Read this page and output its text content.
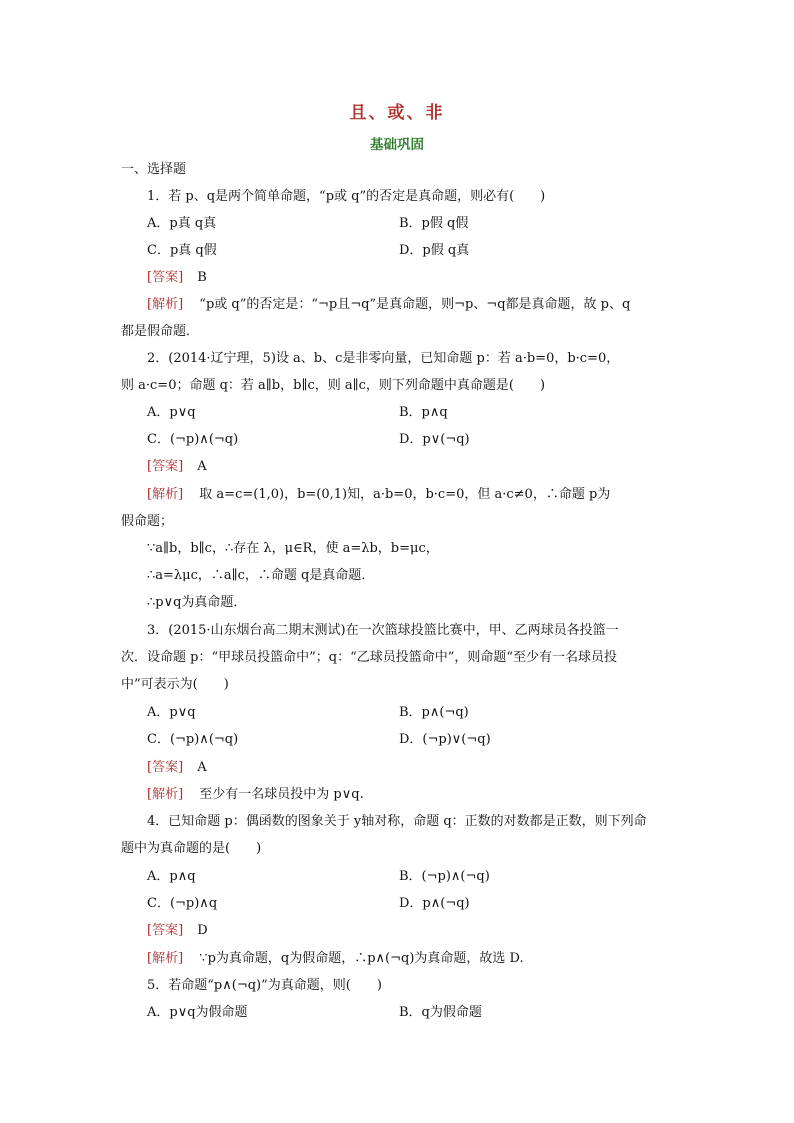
且、或、非
基础巩固
一、选择题
1．若 p、q是两个简单命题，“p或 q”的否定是真命题，则必有(　　)
A．p真 q真	B．p假 q假
C．p真 q假	D．p假 q真
[答案] B
[解析] “p或 q”的否定是：“¬p且¬q”是真命题，则¬p、¬q都是真命题，故 p、q
都是假命题．
2．(2014·辽宁理，5)设 a、b、c是非零向量，已知命题 p：若 a·b=0，b·c=0，
则 a·c=0；命题 q：若 a∥b，b∥c，则 a∥c，则下列命题中真命题是(　　)
A．p∨q	B．p∧q
C．(¬p)∧(¬q)	D．p∨(¬q)
[答案] A
[解析] 取 a=c=(1,0)，b=(0,1)知，a·b=0，b·c=0，但 a·c≠0，∴命题 p为
假命题；
∵a∥b，b∥c，∴存在 λ，μ∈R，使 a=λb，b=μc，
∴a=λμc，∴a∥c，∴命题 q是真命题．
∴p∨q为真命题．
3．(2015·山东烟台高二期末测试)在一次篮球投篮比赛中，甲、乙两球员各投篮一
次．设命题 p：“甲球员投篮命中”；q：“乙球员投篮命中”，则命题“至少有一名球员投
中”可表示为(　　)
A．p∨q	B．p∧(¬q)
C．(¬p)∧(¬q)	D．(¬p)∨(¬q)
[答案] A
[解析] 至少有一名球员投中为 p∨q.
4．已知命题 p：偶函数的图象关于 y轴对称，命题 q：正数的对数都是正数，则下列命
题中为真命题的是(　　)
A．p∧q	B．(¬p)∧(¬q)
C．(¬p)∧q	D．p∧(¬q)
[答案] D
[解析] ∵p为真命题，q为假命题，∴p∧(¬q)为真命题，故选 D.
5．若命题“p∧(¬q)”为真命题，则(　　)
A．p∨q为假命题	B．q为假命题
